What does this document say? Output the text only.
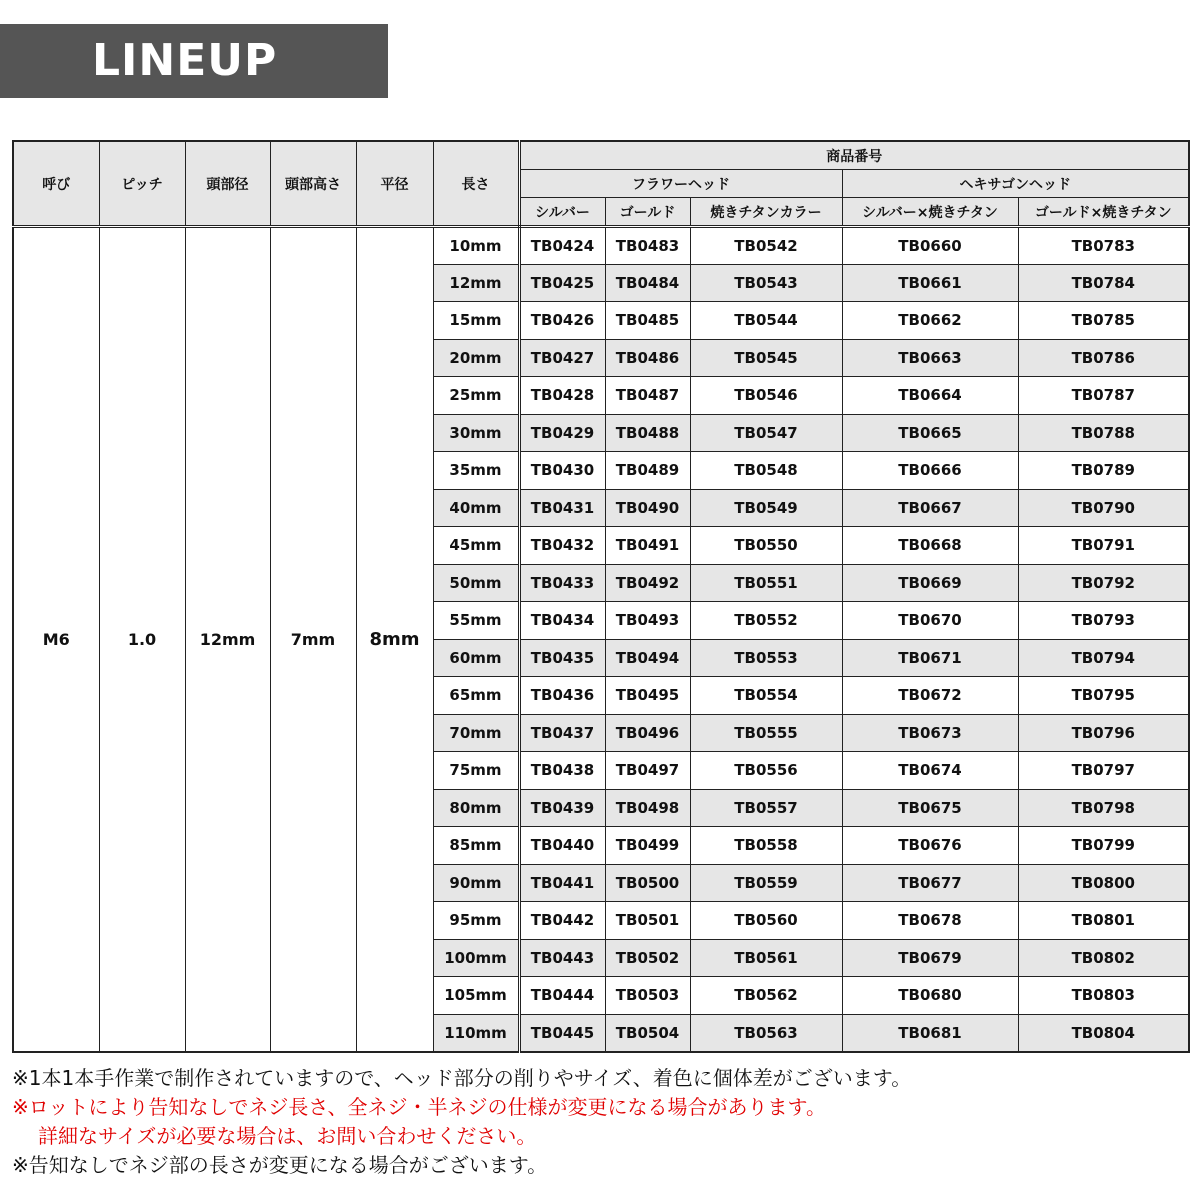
LINEUP
呼び	ピッチ	頭部径	頭部高さ	平径	長さ	商品番号				
						フラワーヘッド			ヘキサゴンヘッド	
						シルバー	ゴールド	焼きチタンカラー	シルバー×焼きチタン	ゴールド×焼きチタン
M6	1.0	12mm	7mm	8mm	10mm	TB0424	TB0483	TB0542	TB0660	TB0783
					12mm	TB0425	TB0484	TB0543	TB0661	TB0784
					15mm	TB0426	TB0485	TB0544	TB0662	TB0785
					20mm	TB0427	TB0486	TB0545	TB0663	TB0786
					25mm	TB0428	TB0487	TB0546	TB0664	TB0787
					30mm	TB0429	TB0488	TB0547	TB0665	TB0788
					35mm	TB0430	TB0489	TB0548	TB0666	TB0789
					40mm	TB0431	TB0490	TB0549	TB0667	TB0790
					45mm	TB0432	TB0491	TB0550	TB0668	TB0791
					50mm	TB0433	TB0492	TB0551	TB0669	TB0792
					55mm	TB0434	TB0493	TB0552	TB0670	TB0793
					60mm	TB0435	TB0494	TB0553	TB0671	TB0794
					65mm	TB0436	TB0495	TB0554	TB0672	TB0795
					70mm	TB0437	TB0496	TB0555	TB0673	TB0796
					75mm	TB0438	TB0497	TB0556	TB0674	TB0797
					80mm	TB0439	TB0498	TB0557	TB0675	TB0798
					85mm	TB0440	TB0499	TB0558	TB0676	TB0799
					90mm	TB0441	TB0500	TB0559	TB0677	TB0800
					95mm	TB0442	TB0501	TB0560	TB0678	TB0801
					100mm	TB0443	TB0502	TB0561	TB0679	TB0802
					105mm	TB0444	TB0503	TB0562	TB0680	TB0803
					110mm	TB0445	TB0504	TB0563	TB0681	TB0804
※1本1本手作業で制作されていますので、ヘッド部分の削りやサイズ、着色に個体差がございます。
※ロットにより告知なしでネジ長さ、全ネジ・半ネジの仕様が変更になる場合があります。
詳細なサイズが必要な場合は、お問い合わせください。
※告知なしでネジ部の長さが変更になる場合がございます。
